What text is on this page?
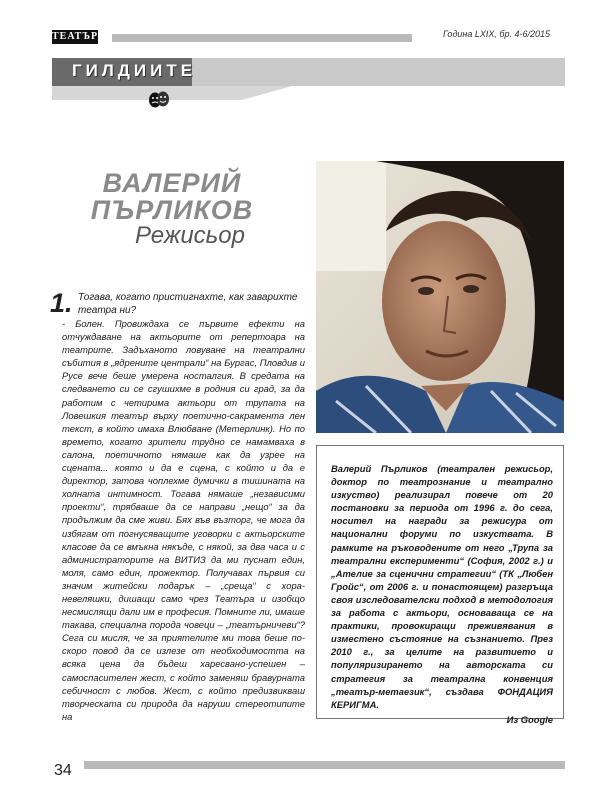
ТЕАТЪР	Година LXIX, бр. 4-6/2015
ГИЛДИИТЕ
ВАЛЕРИЙ
ПЪРЛИКОВ
Режисьор
1. Тогава, когато пристигнахте, как заварихте театра ни?
- Болен. Провиждаха се първите ефекти на отчуждаване на актьорите от репертоара на театрите. Задъханото ловуване на театрални събития в „ядрените централи“ на Бургас, Пловдив и Русе вече беше умерена носталгия. В средата на следването си се сгушихме в родния си град, за да работим с четирима актьори от трупата на Ловешкия театър върху поетично-сакрамента лен текст, в който имаха Влюбване (Метерлинк). Но по времето, когато зрители трудно се намамваха в салона, поетичното нямаше как да узрее на сцената... която и да е сцена, с който и да е директор, затова чоплехме думички в тишината на холната интимност. Тогава нямаше „независими проекти“, трябваше да се направи „нещо“ за да продължим да сме живи. Бях във възторг, че мога да избягам от погнусяващите уговорки с актьорските класове да се вмъкна някъде, с някой, за два часа и с администраторите на ВИТИЗ да ми пуснат един, моля, само един, прожектор. Получавах първия си значим житейски подарък – „среща“ с хора-невеляшки, дишащи само чрез Театъра и изобщо несмислящи дали им е професия. Помните ли, имаше такава, специална порода човеци – „театърничеви“? Сега си мисля, че за приятелите ми това беше по-скоро повод да се излезе от необходимостта на всяка цена да бъдеш харесвано-успешен – самоспасителен жест, с който заменяш бравурната себичност с любов. Жест, с който предизвикваш творческата си природа да наруши стереотипите на
Валерий Пърликов (театрален режисьор, доктор по театрознание и театрално изкуство) реализирал повече от 20 постановки за периода от 1996 г. до сега, носител на награди за режисура от национални форуми по изкуствата. В рамките на ръководените от него „Трупа за театрални експерименти“ (София, 2002 г.) и „Ателие за сценични стратегии“ (ТК „Любен Гройс“, от 2006 г. и понастоящем) разгръща своя изследователски подход в методология за работа с актьори, основаваща се на практики, провокиращи преживявания в изместено състояние на съзнанието. През 2010 г., за целите на развитието и популяризирането на авторската си стратегия за театрална конвенция „театър-метаезик“, създава ФОНДАЦИЯ КЕРИГМА.
Из Google
34
